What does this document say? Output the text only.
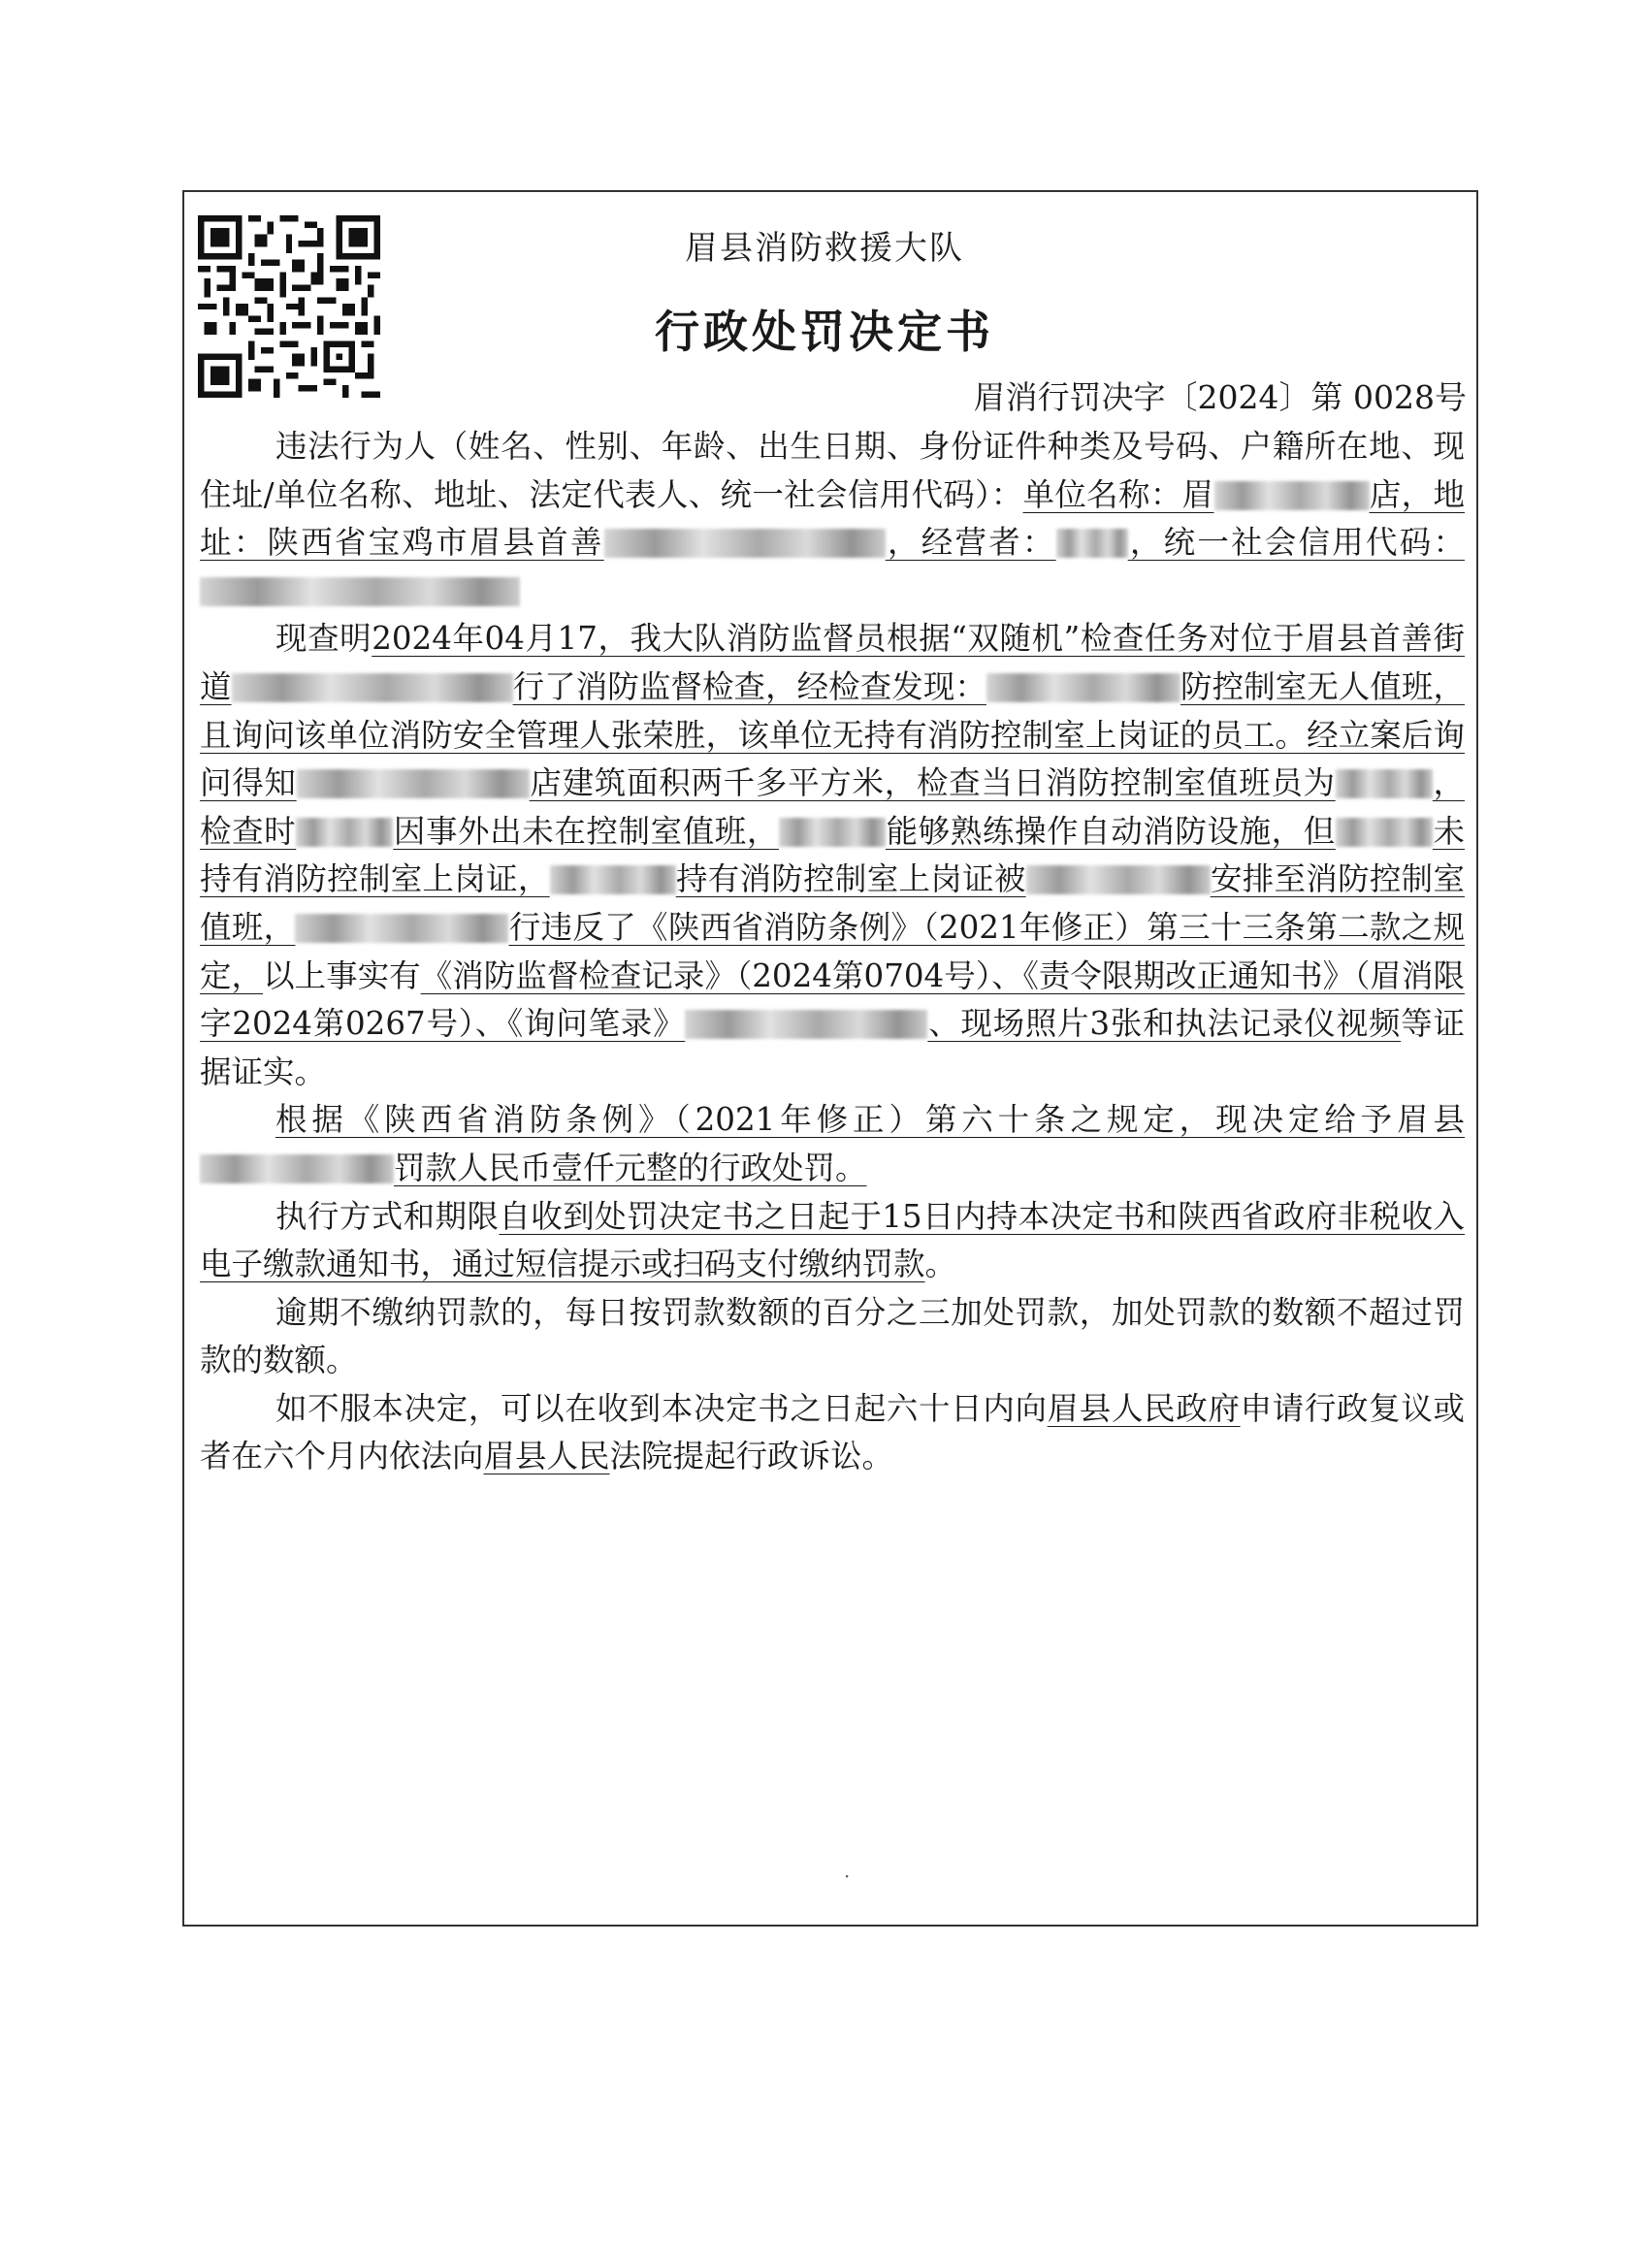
眉县消防救援大队
行政处罚决定书
眉消行罚决字〔2024〕第 0028号

违法行为人（姓名、性别、年龄、出生日期、身份证件种类及号码、户籍所在地、现住址/单位名称、地址、法定代表人、统一社会信用代码）：单位名称：眉	店，地址：陕西省宝鸡市眉县首善	，经营者： ，统一社会信用代码：

现查明2024年04月17，我大队消防监督员根据“双随机”检查任务对位于眉县首善街道	行了消防监督检查，经检查发现：	防控制室无人值班，且询问该单位消防安全管理人张荣胜，该单位无持有消防控制室上岗证的员工。经立案后询问得知	店建筑面积两千多平方米，检查当日消防控制室值班员为	，检查时	因事外出未在控制室值班，	能够熟练操作自动消防设施，但	未持有消防控制室上岗证，	持有消防控制室上岗证被	安排至消防控制室值班，	行违反了《陕西省消防条例》（2021年修正）第三十三条第二款之规定，以上事实有《消防监督检查记录》（2024第0704号）、《责令限期改正通知书》（眉消限字2024第0267号）、《询问笔录》	、现场照片3张和执法记录仪视频等证据证实。

根据《陕西省消防条例》（2021年修正）第六十条之规定，现决定给予眉县罚款人民币壹仟元整的行政处罚。

执行方式和期限自收到处罚决定书之日起于15日内持本决定书和陕西省政府非税收入电子缴款通知书，通过短信提示或扫码支付缴纳罚款。

逾期不缴纳罚款的，每日按罚款数额的百分之三加处罚款，加处罚款的数额不超过罚款的数额。

如不服本决定，可以在收到本决定书之日起六十日内向眉县人民政府申请行政复议或者在六个月内依法向眉县人民法院提起行政诉讼。

·
